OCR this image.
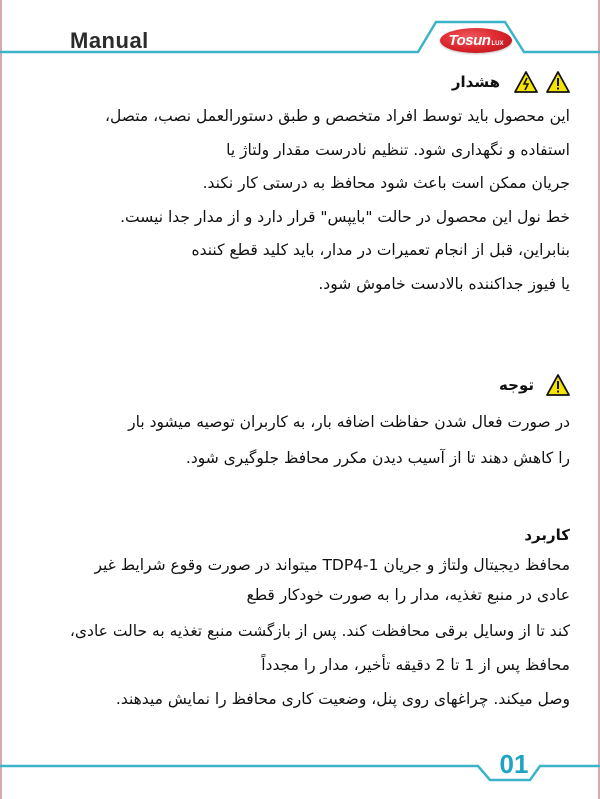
Manual	Tosun LUX
هشدار
این محصول باید توسط افراد متخصص و طبق دستورالعمل نصب، متصل،
استفاده و نگهداری شود. تنظیم نادرست مقدار ولتاژ یا
جریان ممکن است باعث شود محافظ به درستی کار نکند.
خط نول این محصول در حالت "بایپس" قرار دارد و از مدار جدا نیست.
بنابراین، قبل از انجام تعمیرات در مدار، باید کلید قطع کننده
یا فیوز جداکننده بالادست خاموش شود.
توجه
در صورت فعال شدن حفاظت اضافه بار، به کاربران توصیه میشود بار
را کاهش دهند تا از آسیب دیدن مکرر محافظ جلوگیری شود.
کاربرد
محافظ دیجیتال ولتاژ و جریان TDP4-1 میتواند در صورت وقوع شرایط غیر
عادی در منبع تغذیه، مدار را به صورت خودکار قطع
کند تا از وسایل برقی محافظت کند. پس از بازگشت منبع تغذیه به حالت عادی،
محافظ پس از 1 تا 2 دقیقه تأخیر، مدار را مجدداً
وصل میکند. چراغهای روی پنل، وضعیت کاری محافظ را نمایش میدهند.
01
